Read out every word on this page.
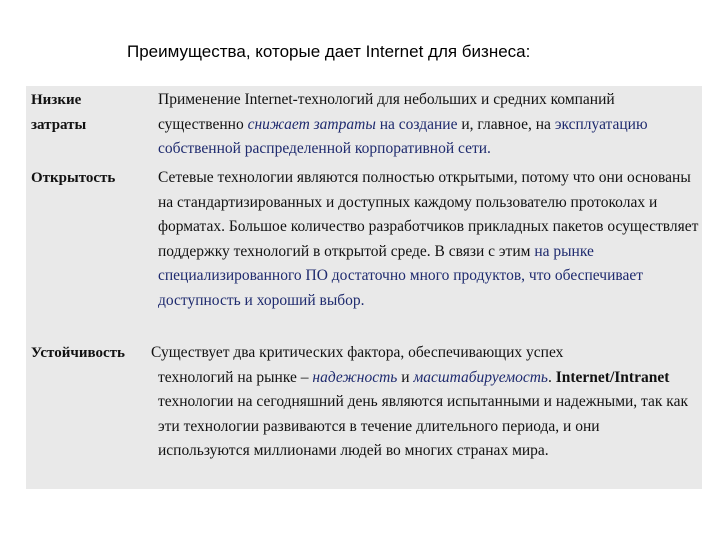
Преимущества, которые дает Internet для бизнеса:
Низкие
затраты
Применение Internet-технологий для небольших и средних компаний существенно снижает затраты на создание и, главное, на эксплуатацию собственной распределенной корпоративной сети.
Открытость	Сетевые технологии являются полностью открытыми, потому что они основаны на стандартизированных и доступных каждому пользователю протоколах и форматах. Большое количество разработчиков прикладных пакетов осуществляет поддержку технологий в открытой среде. В связи с этим на рынке специализированного ПО достаточно много продуктов, что обеспечивает доступность и хороший выбор.
Устойчивость Существует два критических фактора, обеспечивающих успех
технологий на рынке – надежность и масштабируемость. Internet/Intranet технологии на сегодняшний день являются испытанными и надежными, так как эти технологии развиваются в течение длительного периода, и они используются миллионами людей во многих странах мира.
